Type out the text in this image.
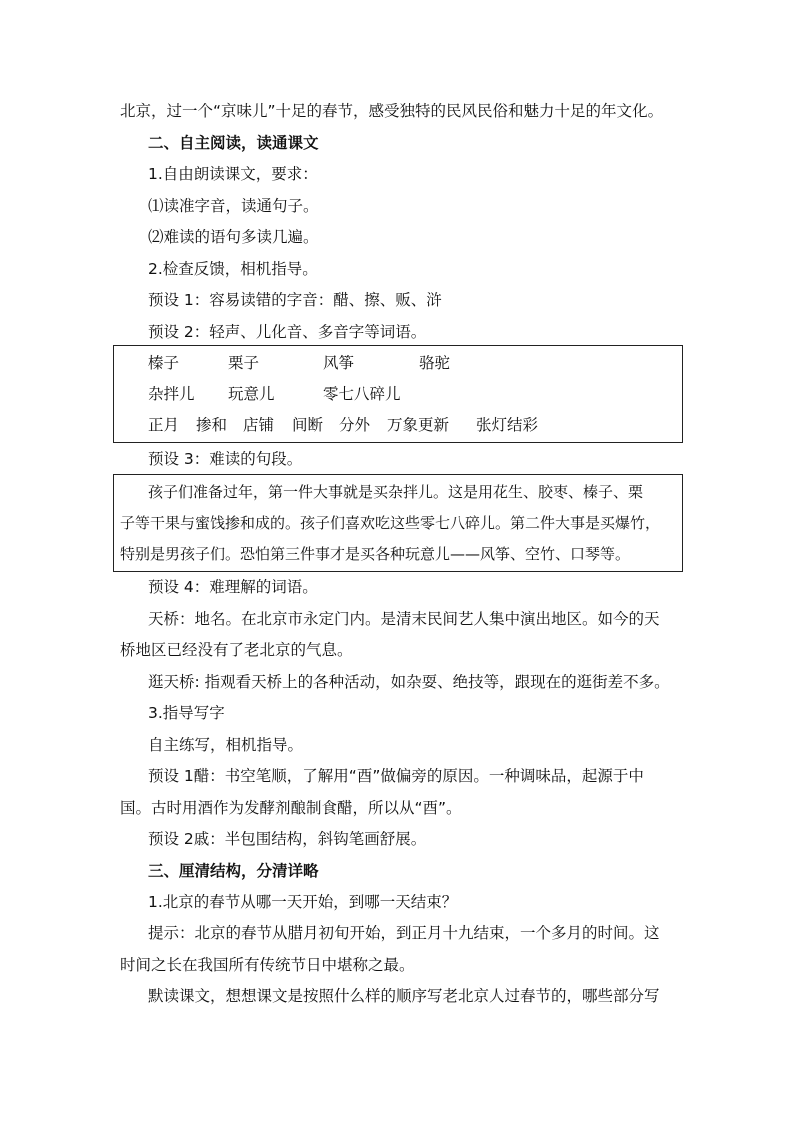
北京，过一个“京味儿”十足的春节，感受独特的民风民俗和魅力十足的年文化。
二、自主阅读，读通课文
1.自由朗读课文，要求：
⑴读准字音，读通句子。
⑵难读的语句多读几遍。
2.检查反馈，相机指导。
预设 1：容易读错的字音：醋、擦、贩、浒
预设 2：轻声、儿化音、多音字等词语。
榛子	栗子	风筝	骆驼
杂拌儿 玩意儿	零七八碎儿
正月 掺和 店铺 间断 分外 万象更新 张灯结彩
预设 3：难读的句段。
孩子们准备过年，第一件大事就是买杂拌儿。这是用花生、胶枣、榛子、栗
子等干果与蜜饯掺和成的。孩子们喜欢吃这些零七八碎儿。第二件大事是买爆竹，
特别是男孩子们。恐怕第三件事才是买各种玩意儿——风筝、空竹、口琴等。
预设 4：难理解的词语。
天桥：地名。在北京市永定门内。是清末民间艺人集中演出地区。如今的天
桥地区已经没有了老北京的气息。
逛天桥: 指观看天桥上的各种活动，如杂耍、绝技等，跟现在的逛街差不多。
3.指导写字
自主练写，相机指导。
预设 1醋：书空笔顺，了解用“酉”做偏旁的原因。一种调味品，起源于中
国。古时用酒作为发酵剂酿制食醋，所以从“酉”。
预设 2戚：半包围结构，斜钩笔画舒展。
三、厘清结构，分清详略
1.北京的春节从哪一天开始，到哪一天结束？
提示：北京的春节从腊月初旬开始，到正月十九结束，一个多月的时间。这
时间之长在我国所有传统节日中堪称之最。
默读课文，想想课文是按照什么样的顺序写老北京人过春节的，哪些部分写
